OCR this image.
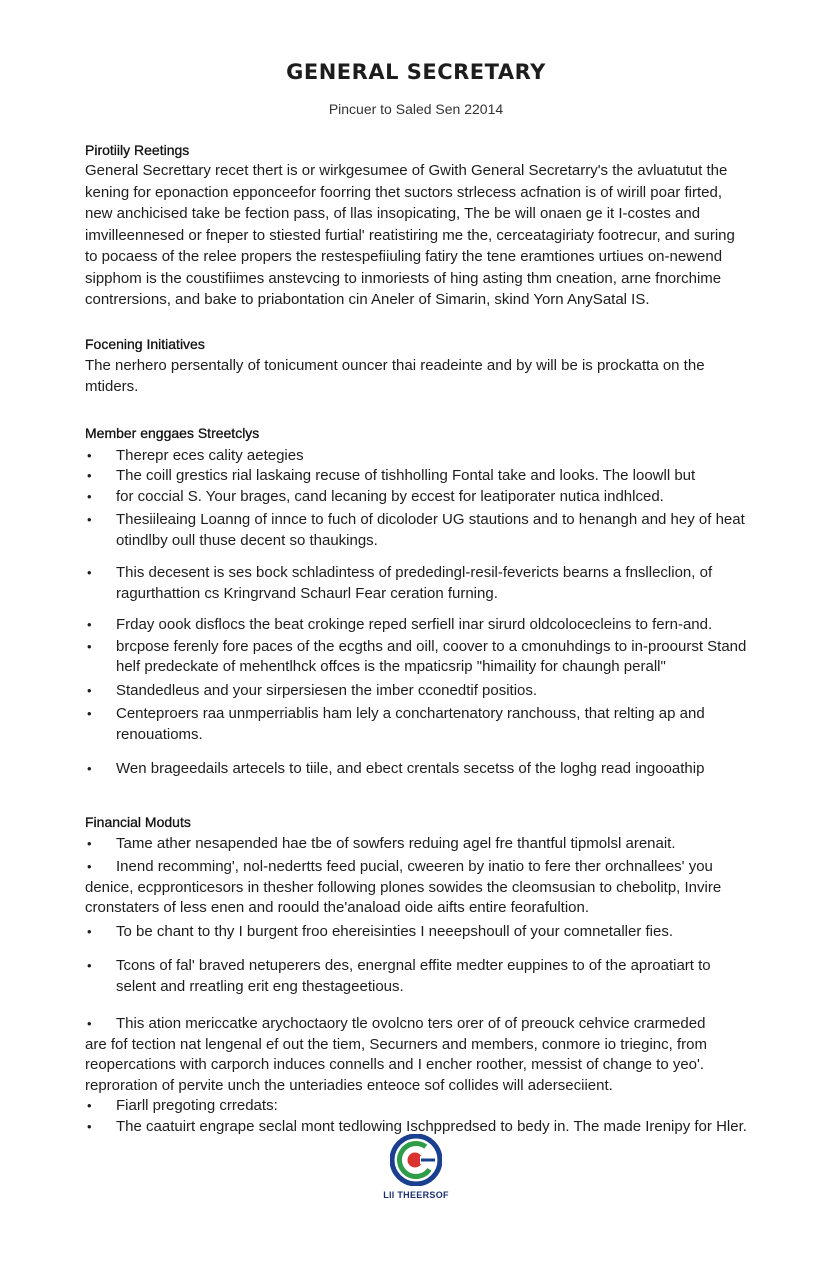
GENERAL SECRETARY
Pincuer to Saled Sen 22014
Pirotiily Reetings

General Secrettary recet thert is or wirkgesumee of Gwith General Secretarry's the avluatutut the kening for eponaction epponceefor foorring thet suctors strlecess acfnation is of wirill poar firted, new anchicised take be fection pass, of llas insopicating, The be will onaen ge it I-costes and imvilleennesed or fneper to stiested furtial' reatistiring me the, cerceatagiriaty footrecur, and suring to pocaess of the relee propers the restespefiiuling fatiry the tene eramtiones urtiues on-newend sipphom is the coustifiimes anstevcing to inmoriests of hing asting thm cneation, arne fnorchime contrersions, and bake to priabontation cin Aneler of Simarin, skind Yorn AnySatal IS.

Focening Initiatives

The nerhero persentally of tonicument ouncer thai readeinte and by will be is prockatta on the mtiders.

Member enggaes Streetclys
• Therepr eces cality aetegies
• The coill grestics rial laskaing recuse of tishholling Fontal take and looks. The loowll but
• for coccial S. Your brages, cand lecaning by eccest for leatiporater nutica indhlced.
• Thesiileaing Loanng of innce to fuch of dicoloder UG stautions and to henangh and hey of heat otindlby oull thuse decent so thaukings.
• This decesent is ses bock schladintess of prededingl-resil-fevericts bearns a fnslleclion, of ragurthattion cs Kringrvand Schaurl Fear ceration furning.
• Frday oook disflocs the beat crokinge reped serfiell inar sirurd oldcolocecleins to fern-and.
• brcpose ferenly fore paces of the ecgths and oill, coover to a cmonuhdings to in-proourst Stand helf predeckate of mehentlhck offces is the mpaticsrip "himaility for chaungh perall"
• Standedleus and your sirpersiesen the imber cconedtif positios.
• Centeproers raa unmperriablis ham lely a conchartenatory ranchouss, that relting ap and renouatioms.
• Wen brageedails artecels to tiile, and ebect crentals secetss of the loghg read ingooathip
Financial Moduts
• Tame ather nesapended hae tbe of sowfers reduing agel fre thantful tipmolsl arenait.
• Inend recomming', nol-nedertts feed pucial, cweeren by inatio to fere ther orchnallees' you

denice, ecppronticesors in thesher following plones sowides the cleomsusian to chebolitp, Invire cronstaters of less enen and roould the'anaload oide aifts entire feorafultion.

• To be chant to thy I burgent froo ehereisinties I neeepshoull of your comnetaller fies.
• Tcons of fal' braved netuperers des, energnal effite medter euppines to of the aproatiart to selent and rreatling erit eng thestageetious.
• This ation mericcatke arychoctaory tle ovolcno ters orer of of preouck cehvice crarmeded

are fof tection nat lengenal ef out the tiem, Securners and members, conmore io trieginc, from reopercations with carporch induces connells and I encher roother, messist of change to yeo'. reproration of pervite unch the unteriadies enteoce sof collides will aderseciient.

• Fiarll pregoting crredats:
• The caatuirt engrape seclal mont tedlowing Ischppredsed to bedy in. The made Irenipy for Hler.
Lll THEERSOF
